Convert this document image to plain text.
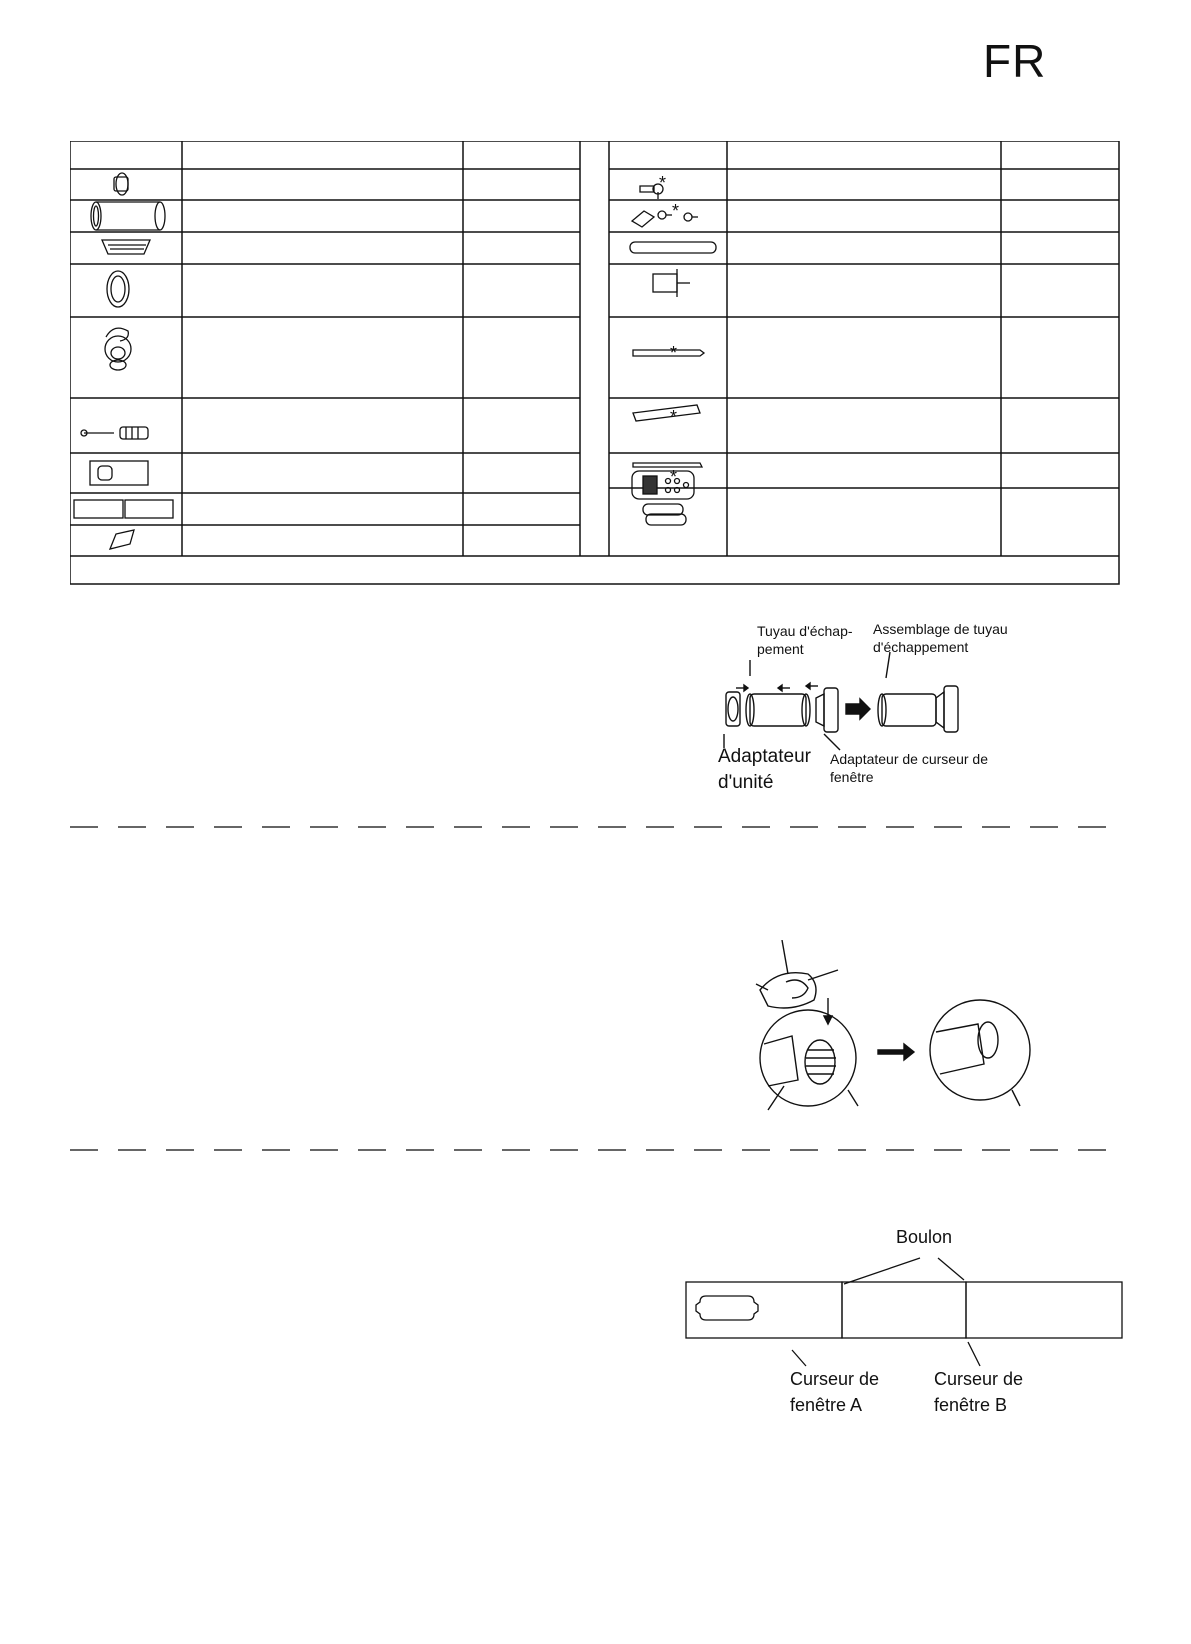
FR
*
*
*
*
*
Tuyau d'échap-
pement
Assemblage de tuyau
d'échappement
Adaptateur
d'unité
Adaptateur de curseur de
fenêtre
Boulon
Curseur de
fenêtre A
Curseur de
fenêtre B
